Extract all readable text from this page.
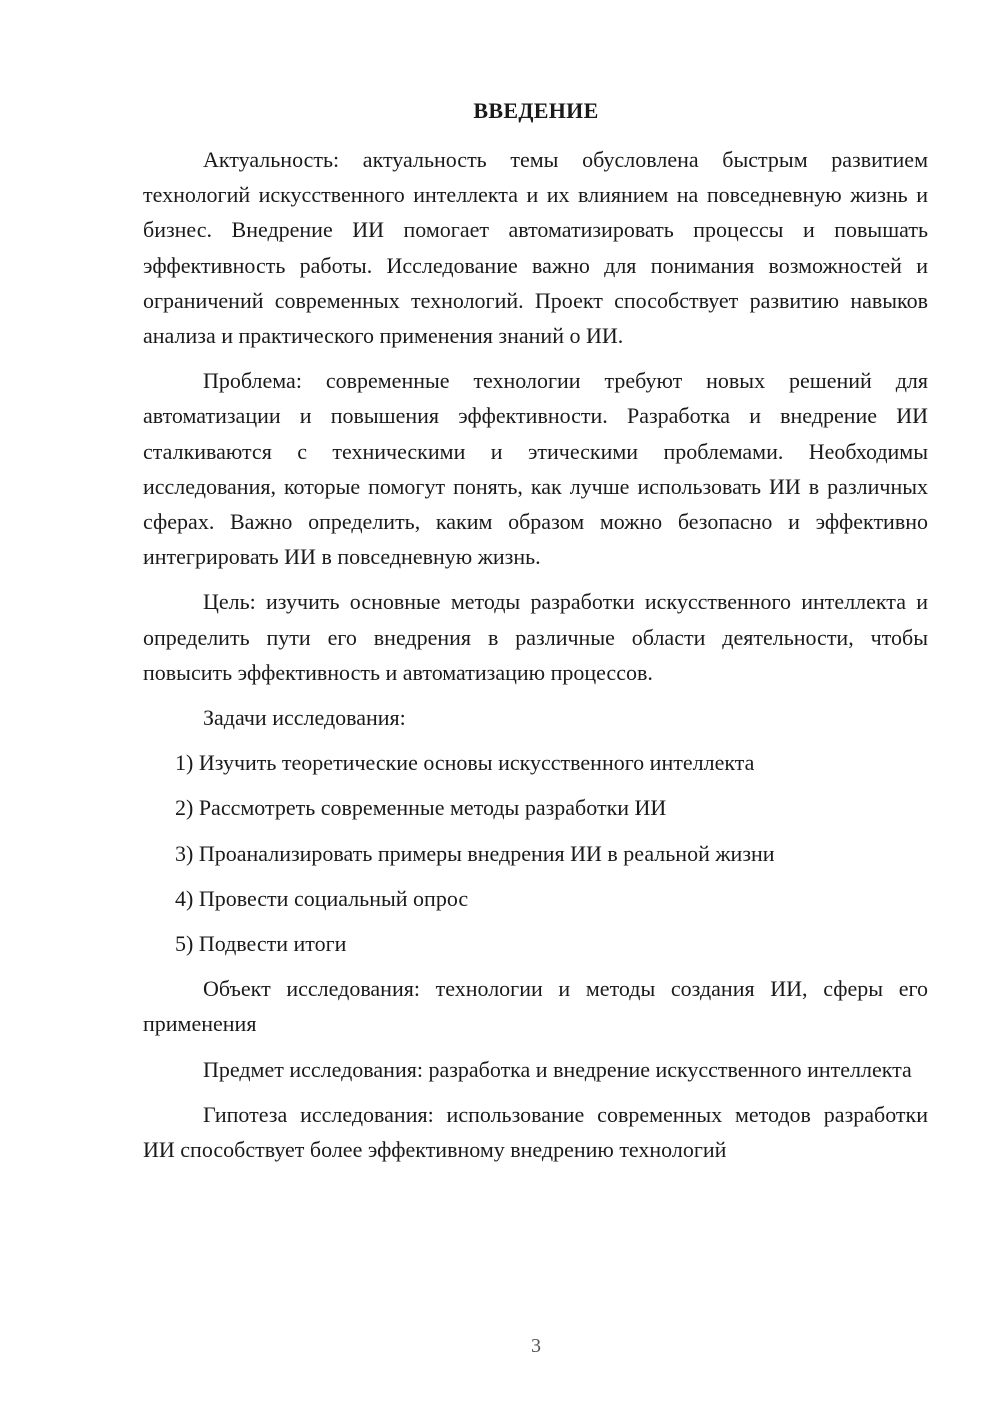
ВВЕДЕНИЕ

Актуальность: актуальность темы обусловлена быстрым развитием технологий искусственного интеллекта и их влиянием на повседневную жизнь и бизнес. Внедрение ИИ помогает автоматизировать процессы и повышать эффективность работы. Исследование важно для понимания возможностей и ограничений современных технологий. Проект способствует развитию навыков анализа и практического применения знаний о ИИ.

Проблема: современные технологии требуют новых решений для автоматизации и повышения эффективности. Разработка и внедрение ИИ сталкиваются с техническими и этическими проблемами. Необходимы исследования, которые помогут понять, как лучше использовать ИИ в различных сферах. Важно определить, каким образом можно безопасно и эффективно интегрировать ИИ в повседневную жизнь.

Цель: изучить основные методы разработки искусственного интеллекта и определить пути его внедрения в различные области деятельности, чтобы повысить эффективность и автоматизацию процессов.

Задачи исследования:

1) Изучить теоретические основы искусственного интеллекта
2) Рассмотреть современные методы разработки ИИ
3) Проанализировать примеры внедрения ИИ в реальной жизни
4) Провести социальный опрос
5) Подвести итоги

Объект исследования: технологии и методы создания ИИ, сферы его применения

Предмет исследования: разработка и внедрение искусственного интеллекта

Гипотеза исследования: использование современных методов разработки ИИ способствует более эффективному внедрению технологий

3
